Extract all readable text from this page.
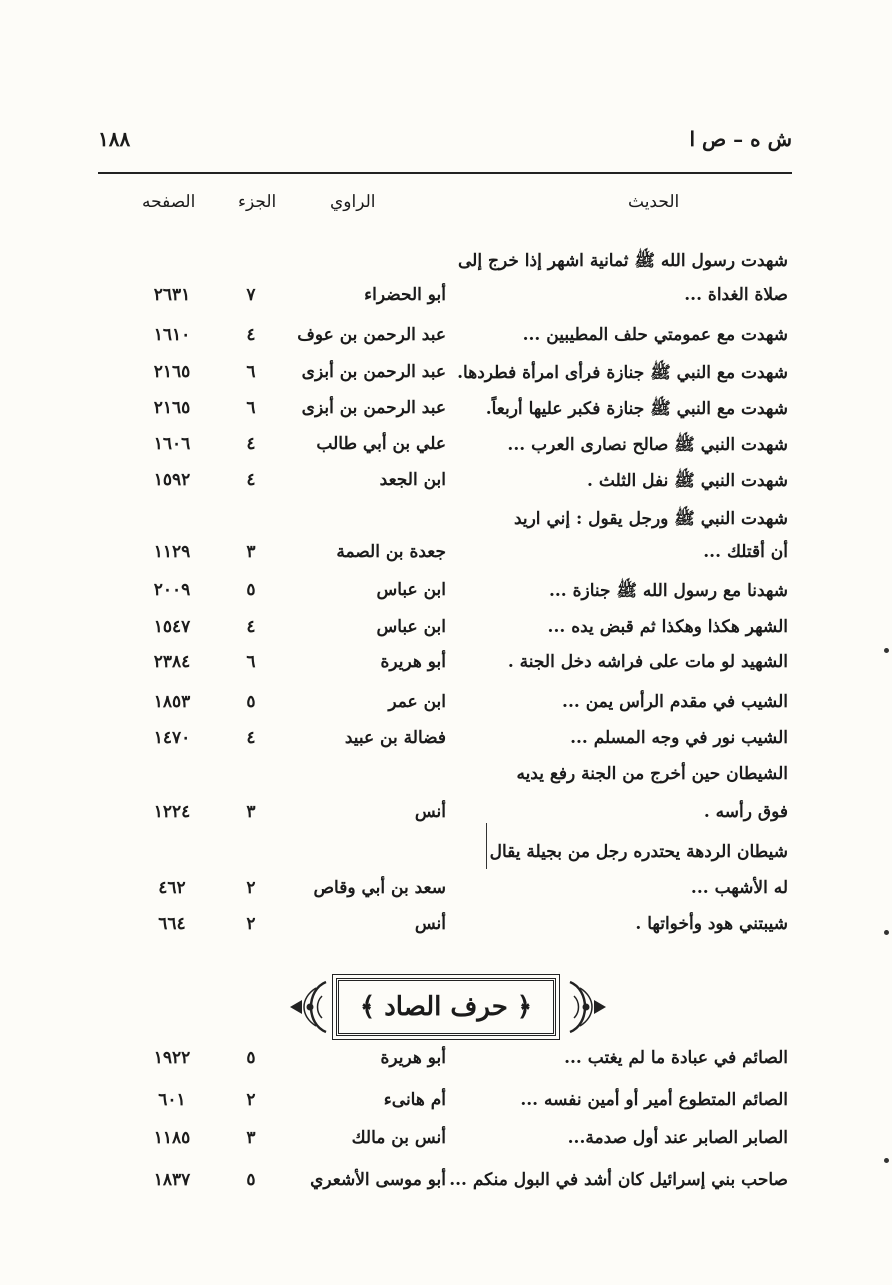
١٨٨	ش ه – ص ا
الحديث
الراوي
الجزء
الصفحه
شهدت رسول الله ﷺ ثمانية اشهر إذا خرج إلى
صلاة الغداة ...
أبو الحضراء
٧
٢٦٣١
شهدت مع عمومتي حلف المطيبين ...
عبد الرحمن بن عوف
٤
١٦١٠
شهدت مع النبي ﷺ جنازة فرأى امرأة فطردها.
عبد الرحمن بن أبزى
٦
٢١٦٥
شهدت مع النبي ﷺ جنازة فكبر عليها أربعاً.
عبد الرحمن بن أبزى
٦
٢١٦٥
شهدت النبي ﷺ صالح نصارى العرب ...
علي بن أبي طالب
٤
١٦٠٦
شهدت النبي ﷺ نفل الثلث .
ابن الجعد
٤
١٥٩٢
شهدت النبي ﷺ ورجل يقول : إني اريد
أن أقتلك ...
جعدة بن الصمة
٣
١١٢٩
شهدنا مع رسول الله ﷺ جنازة ...
ابن عباس
٥
٢٠٠٩
الشهر هكذا وهكذا ثم قبض يده ...
ابن عباس
٤
١٥٤٧
الشهيد لو مات على فراشه دخل الجنة .
أبو هريرة
٦
٢٣٨٤
الشيب في مقدم الرأس يمن ...
ابن عمر
٥
١٨٥٣
الشيب نور في وجه المسلم ...
فضالة بن عبيد
٤
١٤٧٠
الشيطان حين أخرج من الجنة رفع يديه
فوق رأسه .
أنس
٣
١٢٢٤
شيطان الردهة يحتدره رجل من بجيلة يقال
له الأشهب ...
سعد بن أبي وقاص
٢
٤٦٢
شيبتني هود وأخواتها .
أنس
٢
٦٦٤
﴿ حرف الصاد ﴾
الصائم في عبادة ما لم يغتب ...
أبو هريرة
٥
١٩٢٢
الصائم المتطوع أمير أو أمين نفسه ...
أم هانىء
٢
٦٠١
الصابر الصابر عند أول صدمة...
أنس بن مالك
٣
١١٨٥
صاحب بني إسرائيل كان أشد في البول منكم ...
أبو موسى الأشعري
٥
١٨٣٧
